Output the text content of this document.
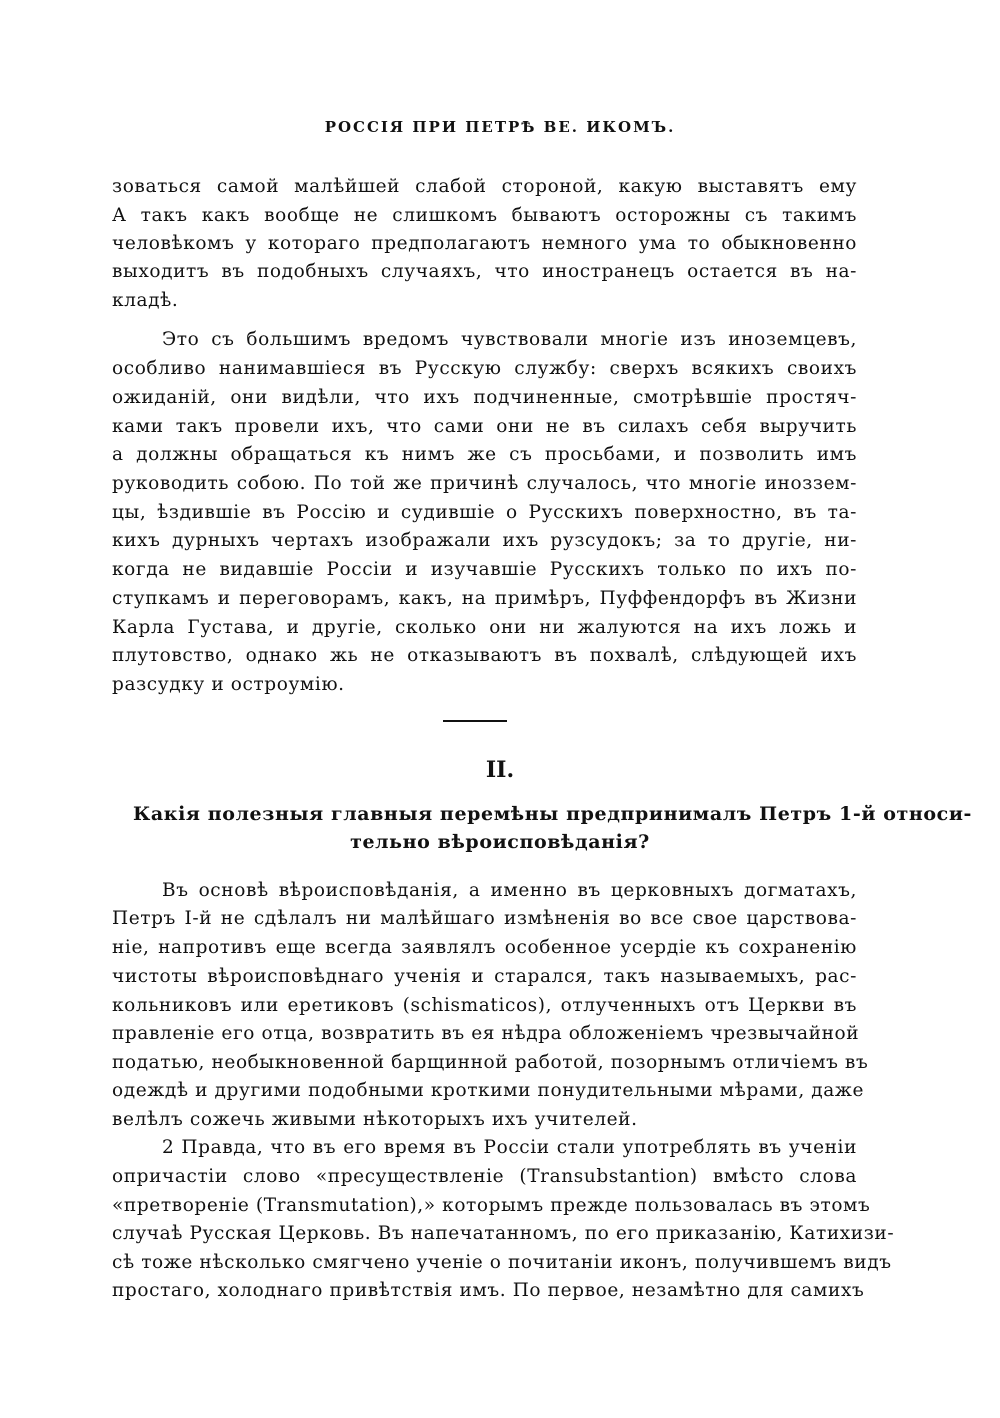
РОССІЯ ПРИ ПЕТРѢ ВЕ. ИКОМЪ.
зоваться самой малѣйшей слабой стороной, какую выставятъ ему
А такъ какъ вообще не слишкомъ бываютъ осторожны съ такимъ
человѣкомъ у котораго предполагаютъ немного ума то обыкновенно
выходитъ въ подобныхъ случаяхъ, что иностранецъ остается въ на-
кладѣ.
Это съ большимъ вредомъ чувствовали многіе изъ иноземцевъ,
особливо нанимавшіеся въ Русскую службу: сверхъ всякихъ своихъ
ожиданій, они видѣли, что ихъ подчиненные, смотрѣвшіе простяч-
ками такъ провели ихъ, что сами они не въ силахъ себя выручить
а должны обращаться къ нимъ же съ просьбами, и позволить имъ
руководить собою. По той же причинѣ случалось, что многіе иноззем-
цы, ѣздившіе въ Россію и судившіе о Русскихъ поверхностно, въ та-
кихъ дурныхъ чертахъ изображали ихъ рузсудокъ; за то другіе, ни-
когда не видавшіе Россіи и изучавшіе Русскихъ только по ихъ по-
ступкамъ и переговорамъ, какъ, на примѣръ, Пуффендорфъ въ Жизни
Карла Густава, и другіе, сколько они ни жалуются на ихъ ложь и
плутовство, однако жь не отказываютъ въ похвалѣ, слѣдующей ихъ
разсудку и остроумію.
II.
Какія полезныя главныя перемѣны предпринималъ Петръ 1-й относи-
тельно вѣроисповѣданія?
Въ основѣ вѣроисповѣданія, а именно въ церковныхъ догматахъ,
Петръ І-й не сдѣлалъ ни малѣйшаго измѣненія во все свое царствова-
ніе, напротивъ еще всегда заявлялъ особенное усердіе къ сохраненію
чистоты вѣроисповѣднаго ученія и старался, такъ называемыхъ, рас-
кольниковъ или еретиковъ (schismaticos), отлученныхъ отъ Церкви въ
правленіе его отца, возвратить въ ея нѣдра обложеніемъ чрезвычайной
податью, необыкновенной барщинной работой, позорнымъ отличіемъ въ
одеждѣ и другими подобными кроткими понудительными мѣрами, даже
велѣлъ сожечь живыми нѣкоторыхъ ихъ учителей.
2 Правда, что въ его время въ Россіи стали употреблять въ ученіи
опричастіи слово «пресуществленіе (Transubstantion) вмѣсто слова
«претвореніе (Transmutation),» которымъ прежде пользовалась въ этомъ
случаѣ Русская Церковь. Въ напечатанномъ, по его приказанію, Катихизи-
сѣ тоже нѣсколько смягчено ученіе о почитаніи иконъ, получившемъ видъ
простаго, холоднаго привѣтствія имъ. По первое, незамѣтно для самихъ
